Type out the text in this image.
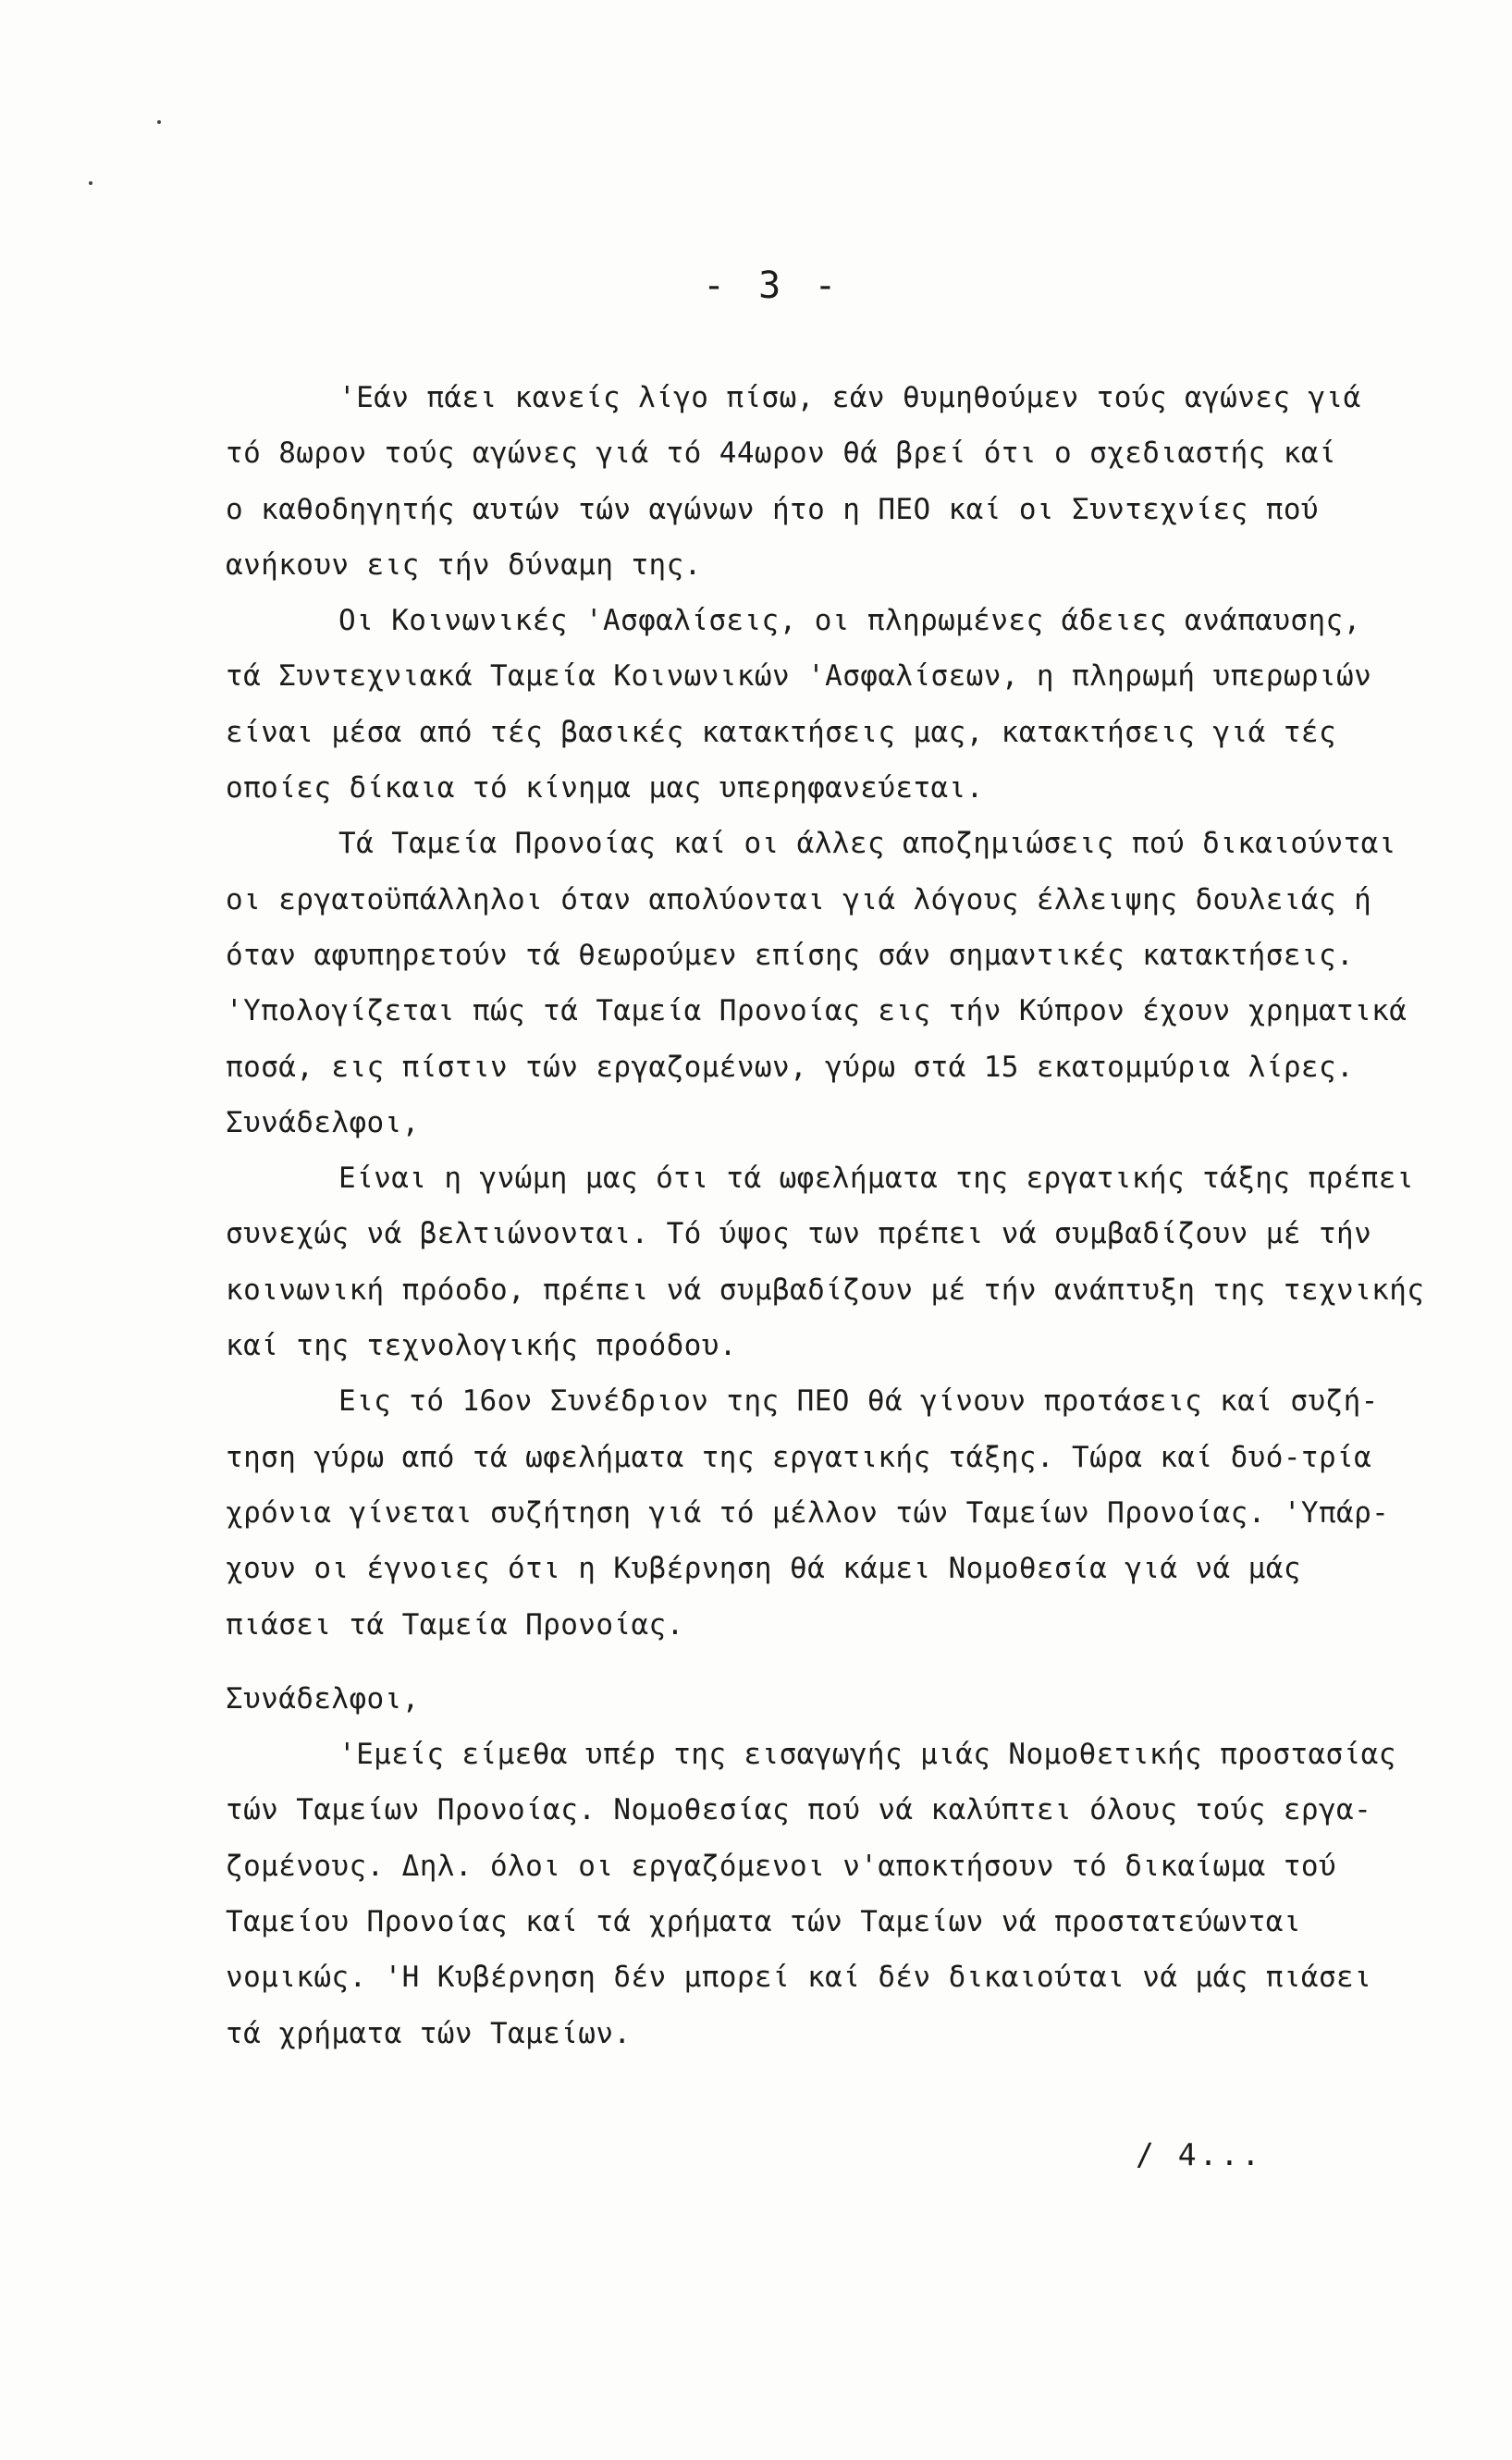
- 3 -
'Εάν πάει κανείς λίγο πίσω, εάν θυμηθούμεν τούς αγώνες γιά
τό 8ωρον τούς αγώνες γιά τό 44ωρον θά βρεί ότι ο σχεδιαστής καί
ο καθοδηγητής αυτών τών αγώνων ήτο η ΠΕΟ καί οι Συντεχνίες πού
ανήκουν εις τήν δύναμη της.
Οι Κοινωνικές 'Ασφαλίσεις, οι πληρωμένες άδειες ανάπαυσης,
τά Συντεχνιακά Ταμεία Κοινωνικών 'Ασφαλίσεων, η πληρωμή υπερωριών
είναι μέσα από τές βασικές κατακτήσεις μας, κατακτήσεις γιά τές
οποίες δίκαια τό κίνημα μας υπερηφανεύεται.
Τά Ταμεία Προνοίας καί οι άλλες αποζημιώσεις πού δικαιούνται
οι εργατοϋπάλληλοι όταν απολύονται γιά λόγους έλλειψης δουλειάς ή
όταν αφυπηρετούν τά θεωρούμεν επίσης σάν σημαντικές κατακτήσεις.
'Υπολογίζεται πώς τά Ταμεία Προνοίας εις τήν Κύπρον έχουν χρηματικά
ποσά, εις πίστιν τών εργαζομένων, γύρω στά 15 εκατομμύρια λίρες.
Συνάδελφοι,
Είναι η γνώμη μας ότι τά ωφελήματα της εργατικής τάξης πρέπει
συνεχώς νά βελτιώνονται. Τό ύψος των πρέπει νά συμβαδίζουν μέ τήν
κοινωνική πρόοδο, πρέπει νά συμβαδίζουν μέ τήν ανάπτυξη της τεχνικής
καί της τεχνολογικής προόδου.
Εις τό 16ον Συνέδριον της ΠΕΟ θά γίνουν προτάσεις καί συζή-
τηση γύρω από τά ωφελήματα της εργατικής τάξης. Τώρα καί δυό-τρία
χρόνια γίνεται συζήτηση γιά τό μέλλον τών Ταμείων Προνοίας. 'Υπάρ-
χουν οι έγνοιες ότι η Κυβέρνηση θά κάμει Νομοθεσία γιά νά μάς
πιάσει τά Ταμεία Προνοίας.
Συνάδελφοι,
'Εμείς είμεθα υπέρ της εισαγωγής μιάς Νομοθετικής προστασίας
τών Ταμείων Προνοίας. Νομοθεσίας πού νά καλύπτει όλους τούς εργα-
ζομένους. Δηλ. όλοι οι εργαζόμενοι ν'αποκτήσουν τό δικαίωμα τού
Ταμείου Προνοίας καί τά χρήματα τών Ταμείων νά προστατεύωνται
νομικώς. 'Η Κυβέρνηση δέν μπορεί καί δέν δικαιούται νά μάς πιάσει
τά χρήματα τών Ταμείων.
/ 4...
